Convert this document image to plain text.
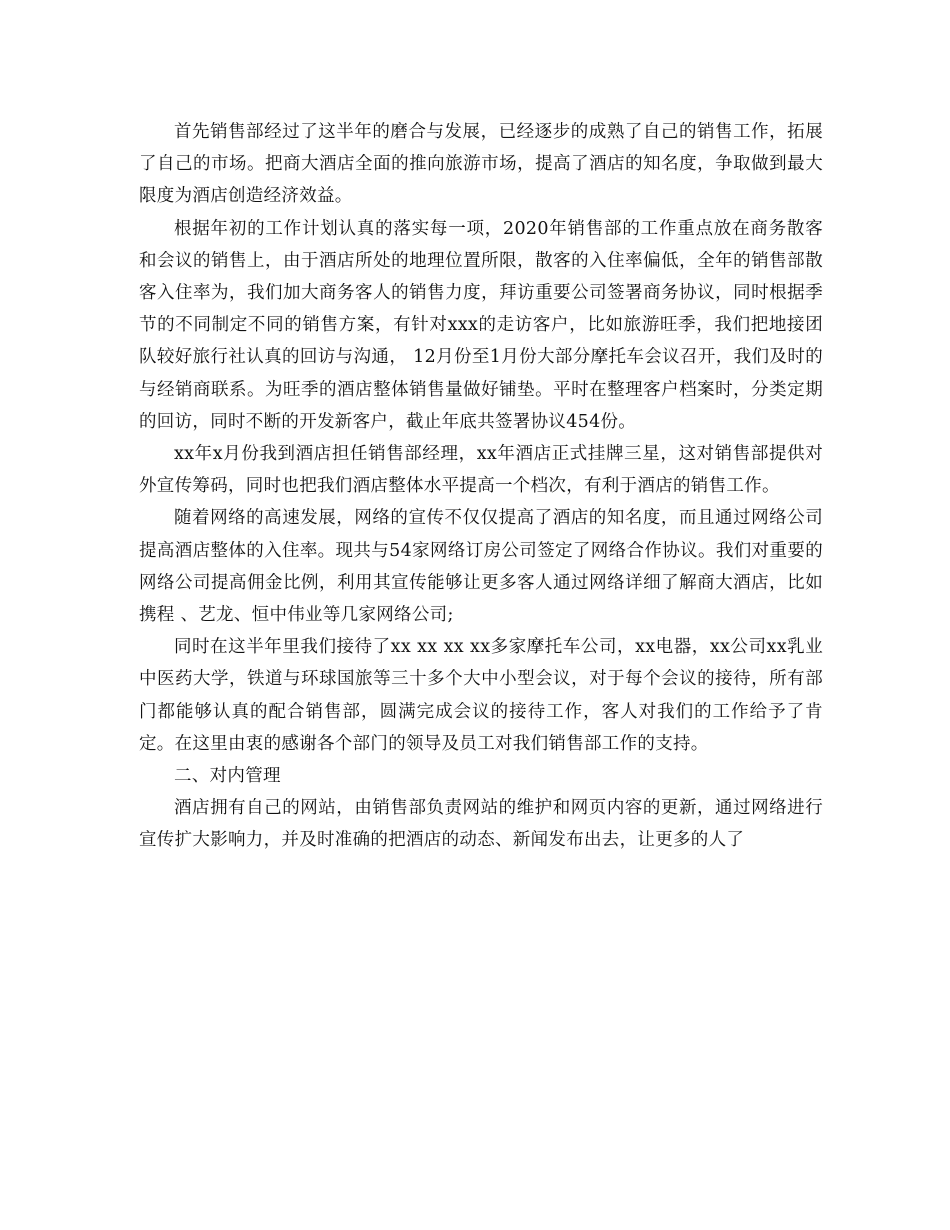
首先销售部经过了这半年的磨合与发展，已经逐步的成熟了自己的销售工作，拓展了自己的市场。把商大酒店全面的推向旅游市场，提高了酒店的知名度，争取做到最大限度为酒店创造经济效益。

根据年初的工作计划认真的落实每一项，2020年销售部的工作重点放在商务散客和会议的销售上，由于酒店所处的地理位置所限，散客的入住率偏低，全年的销售部散客入住率为，我们加大商务客人的销售力度，拜访重要公司签署商务协议，同时根据季节的不同制定不同的销售方案，有针对xxx的走访客户，比如旅游旺季，我们把地接团队较好旅行社认真的回访与沟通， 12月份至1月份大部分摩托车会议召开，我们及时的与经销商联系。为旺季的酒店整体销售量做好铺垫。平时在整理客户档案时，分类定期的回访，同时不断的开发新客户，截止年底共签署协议454份。

xx年x月份我到酒店担任销售部经理，xx年酒店正式挂牌三星，这对销售部提供对外宣传筹码，同时也把我们酒店整体水平提高一个档次，有利于酒店的销售工作。

随着网络的高速发展，网络的宣传不仅仅提高了酒店的知名度，而且通过网络公司提高酒店整体的入住率。现共与54家网络订房公司签定了网络合作协议。我们对重要的网络公司提高佣金比例，利用其宣传能够让更多客人通过网络详细了解商大酒店，比如携程 、艺龙、恒中伟业等几家网络公司;

同时在这半年里我们接待了xx xx xx xx多家摩托车公司，xx电器，xx公司xx乳业中医药大学，铁道与环球国旅等三十多个大中小型会议，对于每个会议的接待，所有部门都能够认真的配合销售部，圆满完成会议的接待工作，客人对我们的工作给予了肯定。在这里由衷的感谢各个部门的领导及员工对我们销售部工作的支持。

二、对内管理

酒店拥有自己的网站，由销售部负责网站的维护和网页内容的更新，通过网络进行宣传扩大影响力，并及时准确的把酒店的动态、新闻发布出去，让更多的人了
